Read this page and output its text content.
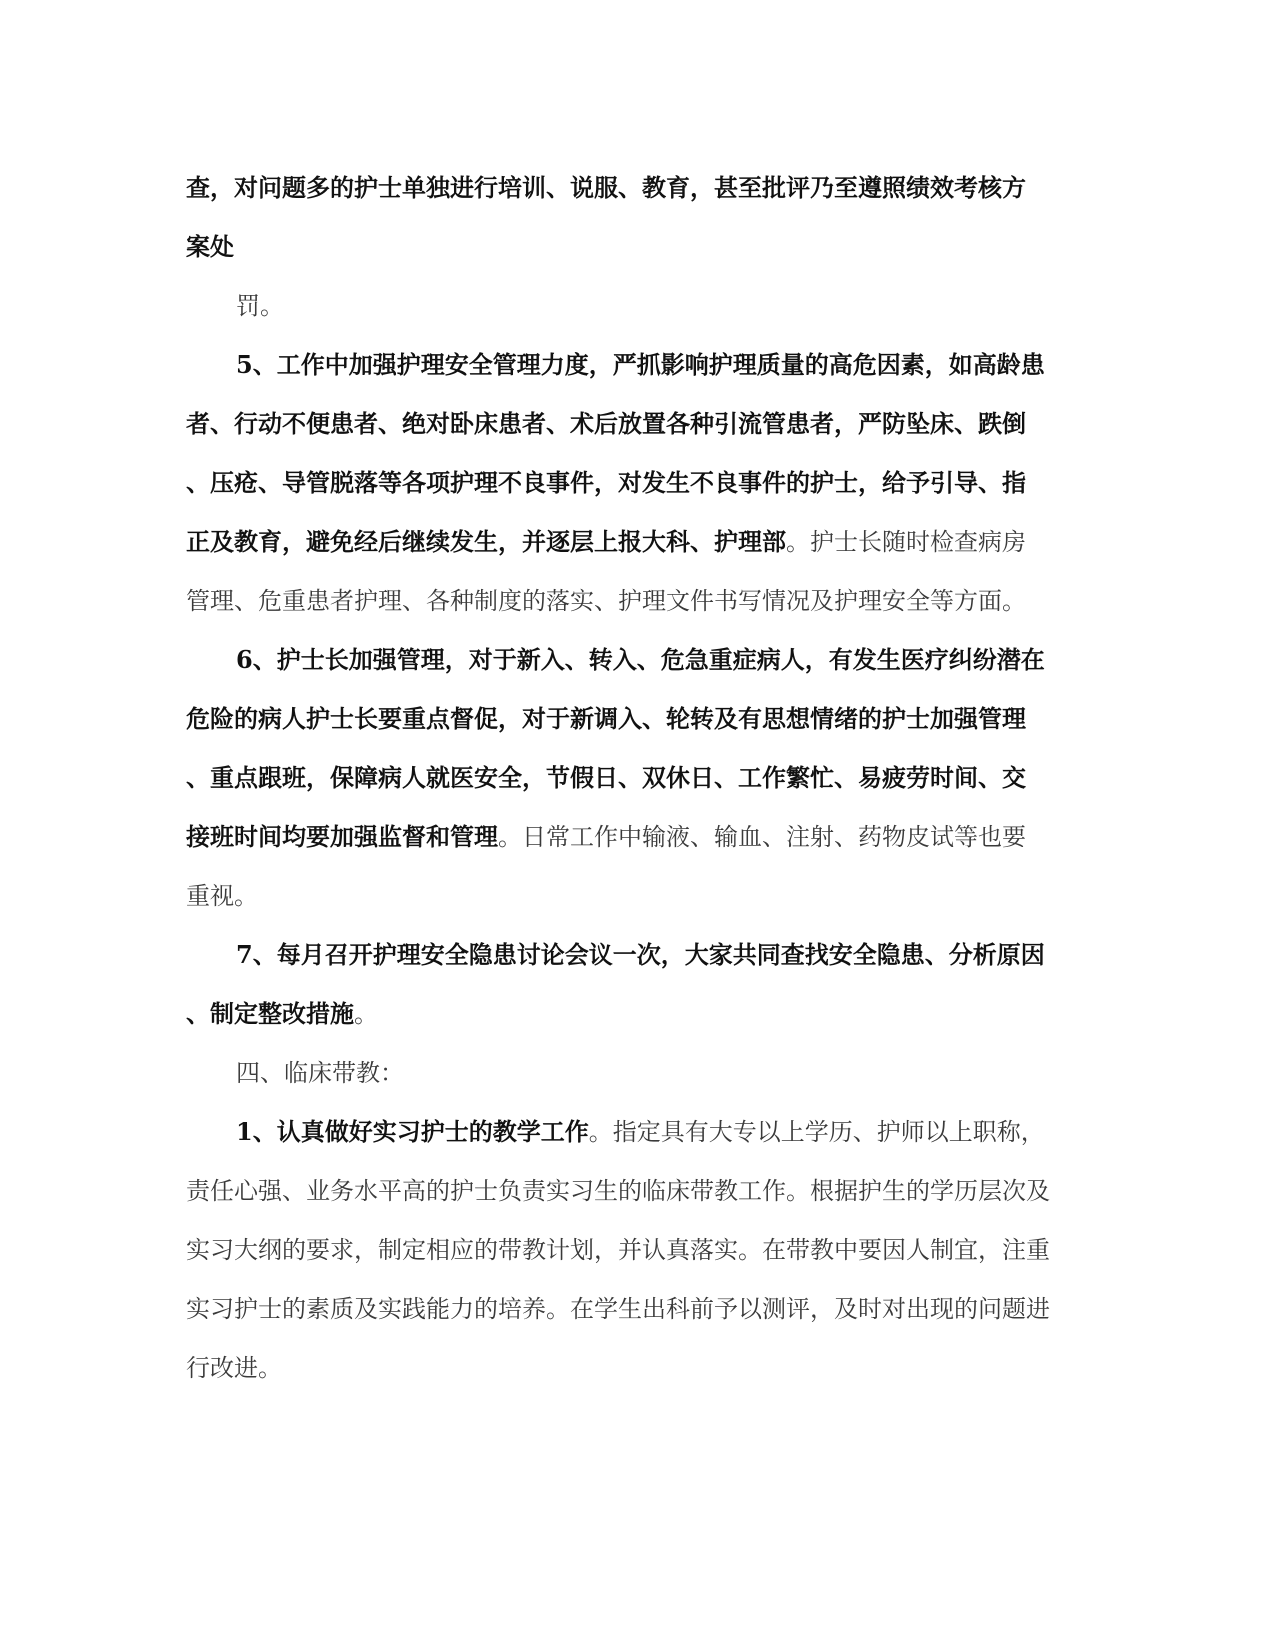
查，对问题多的护士单独进行培训、说服、教育，甚至批评乃至遵照绩效考核方
案处
罚。
5、工作中加强护理安全管理力度，严抓影响护理质量的高危因素，如高龄患
者、行动不便患者、绝对卧床患者、术后放置各种引流管患者，严防坠床、跌倒
、压疮、导管脱落等各项护理不良事件，对发生不良事件的护士，给予引导、指
正及教育，避免经后继续发生，并逐层上报大科、护理部。护士长随时检查病房
管理、危重患者护理、各种制度的落实、护理文件书写情况及护理安全等方面。
6、护士长加强管理，对于新入、转入、危急重症病人，有发生医疗纠纷潜在
危险的病人护士长要重点督促，对于新调入、轮转及有思想情绪的护士加强管理
、重点跟班，保障病人就医安全，节假日、双休日、工作繁忙、易疲劳时间、交
接班时间均要加强监督和管理。日常工作中输液、输血、注射、药物皮试等也要
重视。
7、每月召开护理安全隐患讨论会议一次，大家共同查找安全隐患、分析原因
、制定整改措施。
四、临床带教：
1、认真做好实习护士的教学工作。指定具有大专以上学历、护师以上职称，
责任心强、业务水平高的护士负责实习生的临床带教工作。根据护生的学历层次及
实习大纲的要求，制定相应的带教计划，并认真落实。在带教中要因人制宜，注重
实习护士的素质及实践能力的培养。在学生出科前予以测评，及时对出现的问题进
行改进。
